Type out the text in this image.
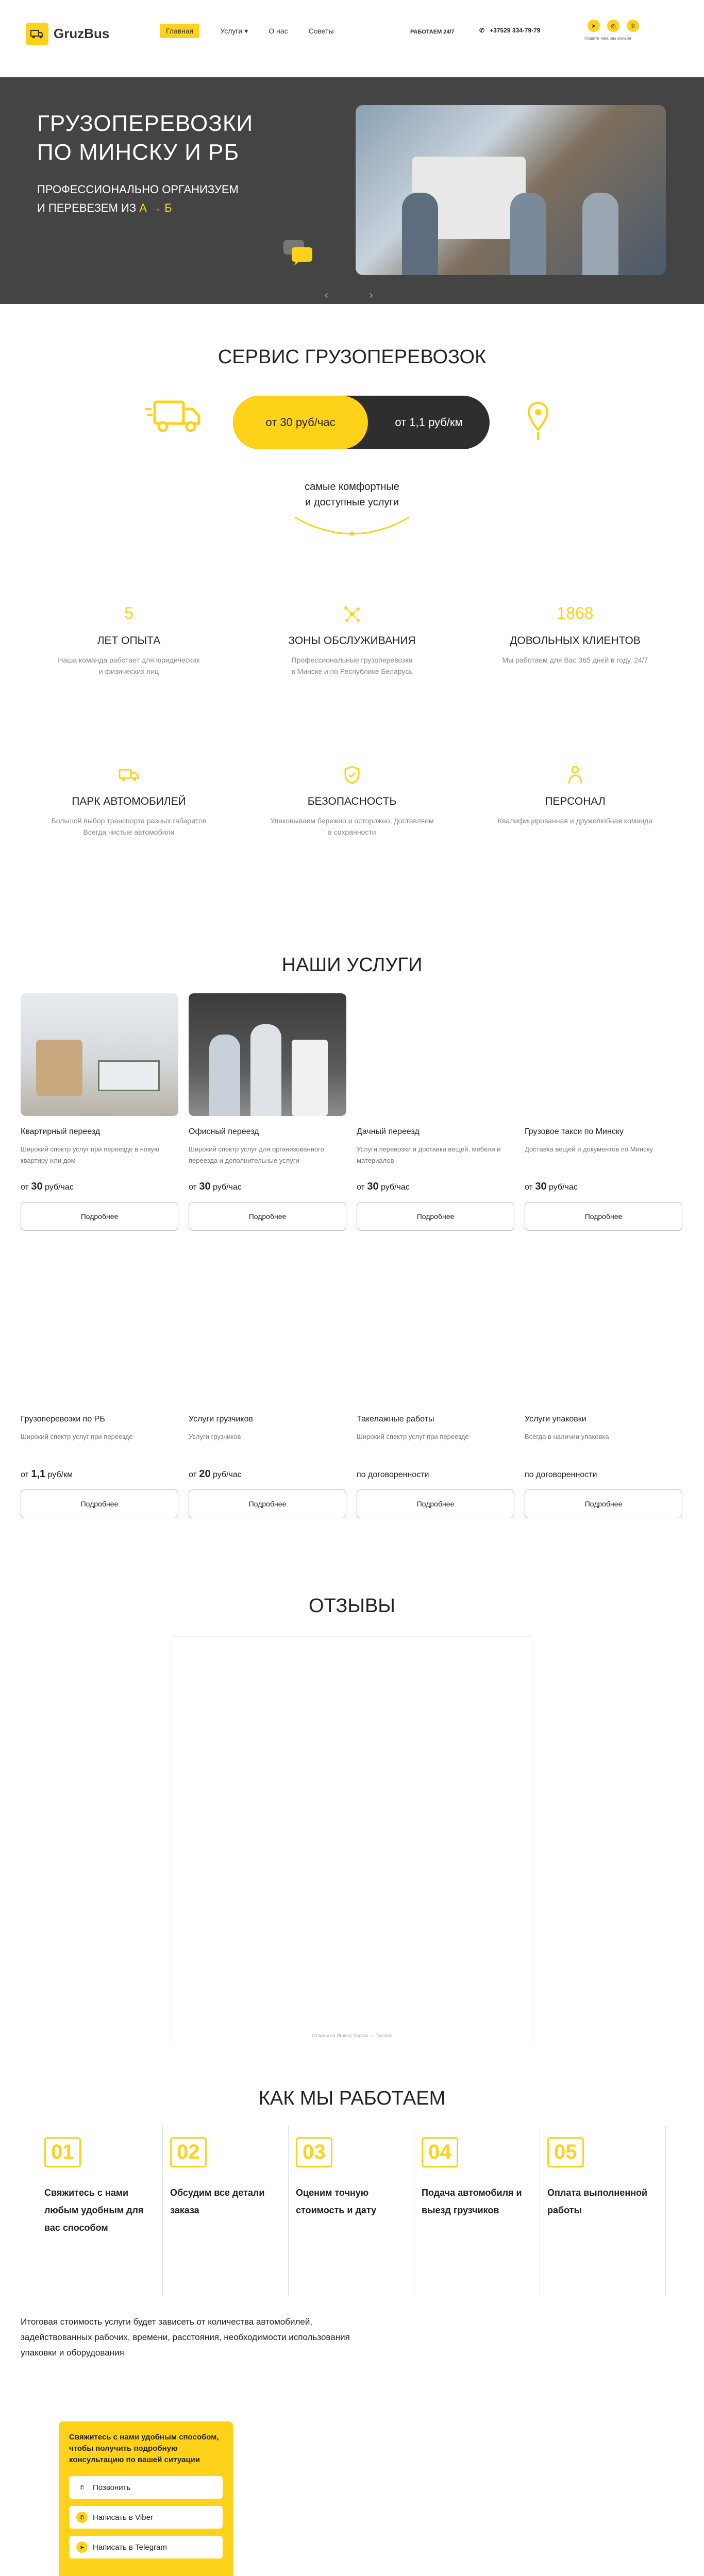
GruzBus	Главная	Услуги ▾	О нас	Советы	РАБОТАЕМ 24/7	✆ +37529 334-79-79
➤	◎	✆
Пишите нам, мы онлайн
ГРУЗОПЕРЕВОЗКИ
ПО МИНСКУ И РБ
ПРОФЕССИОНАЛЬНО ОРГАНИЗУЕМ
И ПЕРЕВЕЗЕМ ИЗ А → Б
‹	›
СЕРВИС ГРУЗОПЕРЕВОЗОК
от 30 руб/час	от 1,1 руб/км
самые комфортные
и доступные услуги
5
ЛЕТ ОПЫТА
Наша команда работает для юридических
и физических лиц
ЗОНЫ ОБСЛУЖИВАНИЯ
Профессиональные грузоперевозки
в Минске и по Республике Беларусь
1868
ДОВОЛЬНЫХ КЛИЕНТОВ
Мы работаем для Вас 365 дней в году, 24/7
ПАРК АВТОМОБИЛЕЙ
Большой выбор транспорта разных габаритов
Всегда чистые автомобили
БЕЗОПАСНОСТЬ
Упаковываем бережно и осторожно, доставляем
в сохранности
ПЕРСОНАЛ
Квалифицированная и дружелюбная команда
НАШИ УСЛУГИ
Квартирный переезд
Широкий спектр услуг при переезде в новую квартиру или дом
от 30 руб/час
Подробнее
Офисный переезд
Широкий спектр услуг для организованного переезда и дополнительные услуги
от 30 руб/час
Подробнее
Дачный переезд
Услуги перевозки и доставки вещей, мебели и материалов
от 30 руб/час
Подробнее
Грузовое такси по Минску
Доставка вещей и документов по Минску
от 30 руб/час
Подробнее
Грузоперевозки по РБ
Широкий спектр услуг при переезде
от 1,1 руб/км
Подробнее
Услуги грузчиков
Услуги грузчиков
от 20 руб/час
Подробнее
Такелажные работы
Широкий спектр услуг при переезде
по договоренности
Подробнее
Услуги упаковки
Всегда в наличии упаковка
по договоренности
Подробнее
ОТЗЫВЫ
Отзывы на Яндекс Картах — Грузбас
КАК МЫ РАБОТАЕМ
01
Свяжитесь с нами
любым удобным для
вас способом
02
Обсудим все детали
заказа
03
Оценим точную
стоимость и дату
04
Подача автомобиля и
выезд грузчиков
05
Оплата выполненной
работы
Итоговая стоимость услуги будет зависеть от количества автомобилей,
задействованных рабочих, времени, расстояния, необходимости использования
упаковки и оборудования
Свяжитесь с нами удобным способом, чтобы получить подробную консультацию по вашей ситуации
✆	Позвонить
✆	Написать в Viber
➤	Написать в Telegram
